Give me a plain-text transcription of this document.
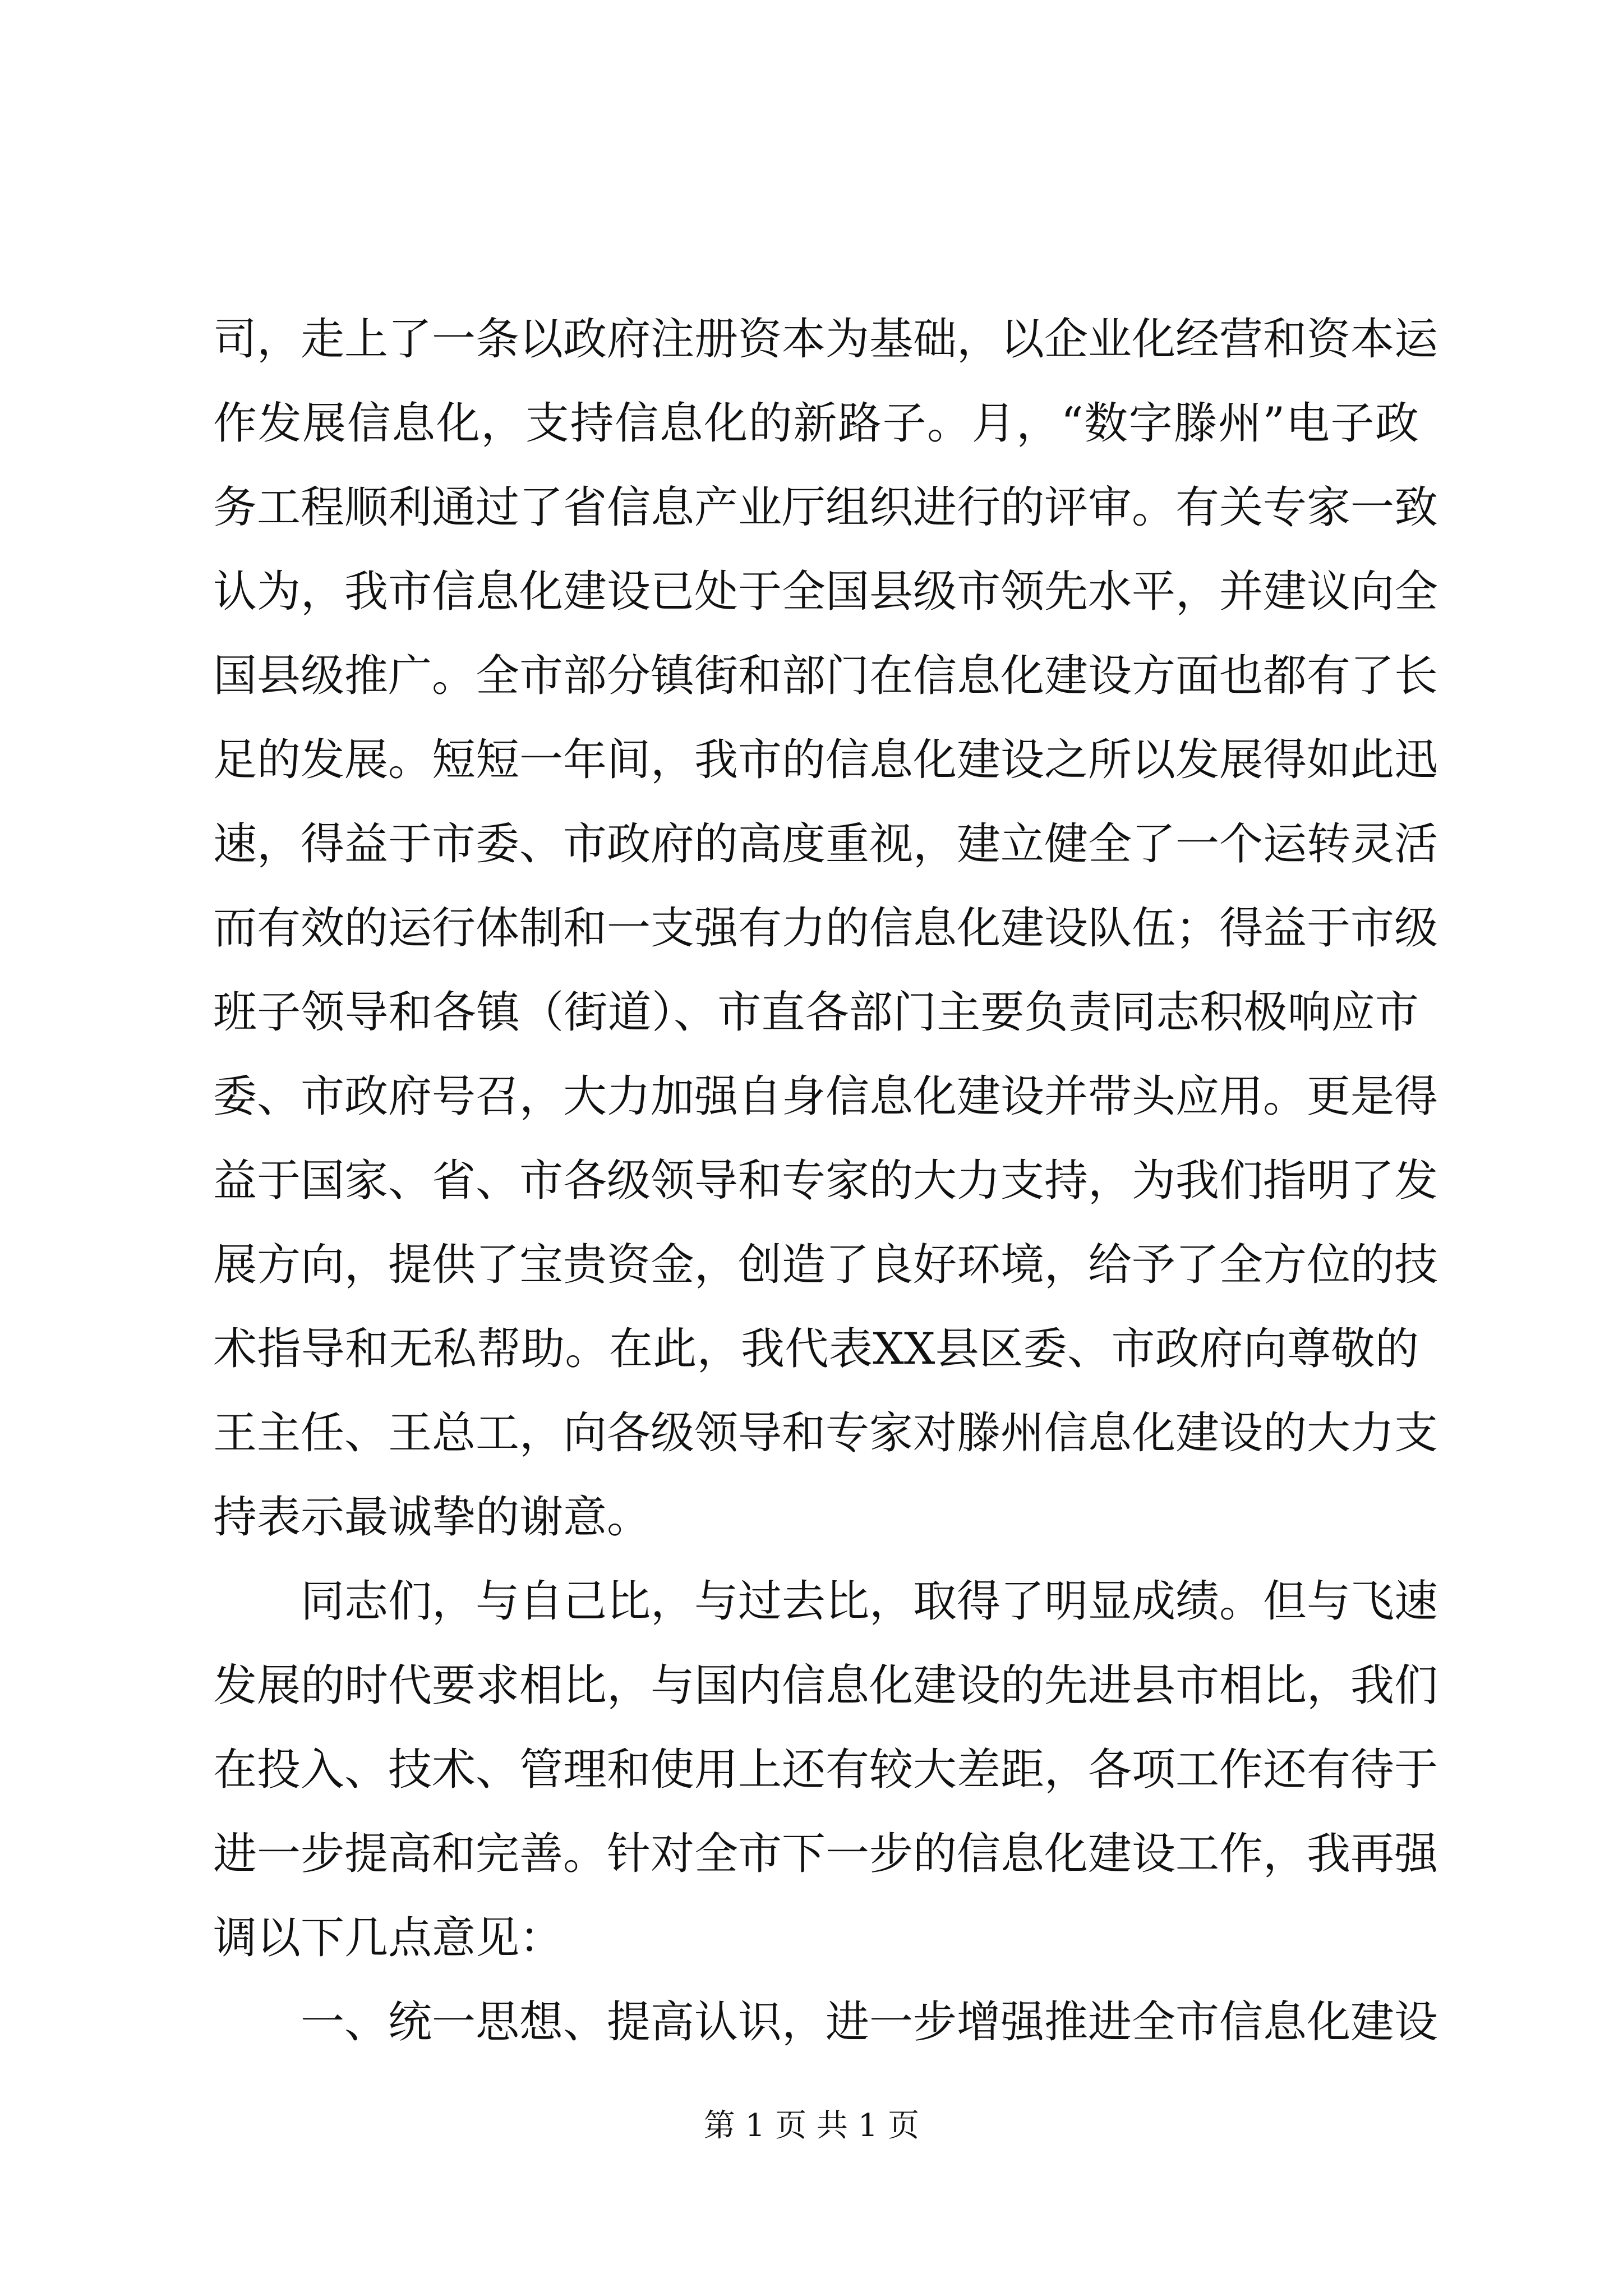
司，走上了一条以政府注册资本为基础，以企业化经营和资本运
作发展信息化，支持信息化的新路子。月，“数字滕州”电子政
务工程顺利通过了省信息产业厅组织进行的评审。有关专家一致
认为，我市信息化建设已处于全国县级市领先水平，并建议向全
国县级推广。全市部分镇街和部门在信息化建设方面也都有了长
足的发展。短短一年间，我市的信息化建设之所以发展得如此迅
速，得益于市委、市政府的高度重视，建立健全了一个运转灵活
而有效的运行体制和一支强有力的信息化建设队伍；得益于市级
班子领导和各镇（街道）、市直各部门主要负责同志积极响应市
委、市政府号召，大力加强自身信息化建设并带头应用。更是得
益于国家、省、市各级领导和专家的大力支持，为我们指明了发
展方向，提供了宝贵资金，创造了良好环境，给予了全方位的技
术指导和无私帮助。在此，我代表XX县区委、市政府向尊敬的
王主任、王总工，向各级领导和专家对滕州信息化建设的大力支
持表示最诚挚的谢意。
同志们，与自己比，与过去比，取得了明显成绩。但与飞速
发展的时代要求相比，与国内信息化建设的先进县市相比，我们
在投入、技术、管理和使用上还有较大差距，各项工作还有待于
进一步提高和完善。针对全市下一步的信息化建设工作，我再强
调以下几点意见：
一、统一思想、提高认识，进一步增强推进全市信息化建设
第 1 页 共 1 页
